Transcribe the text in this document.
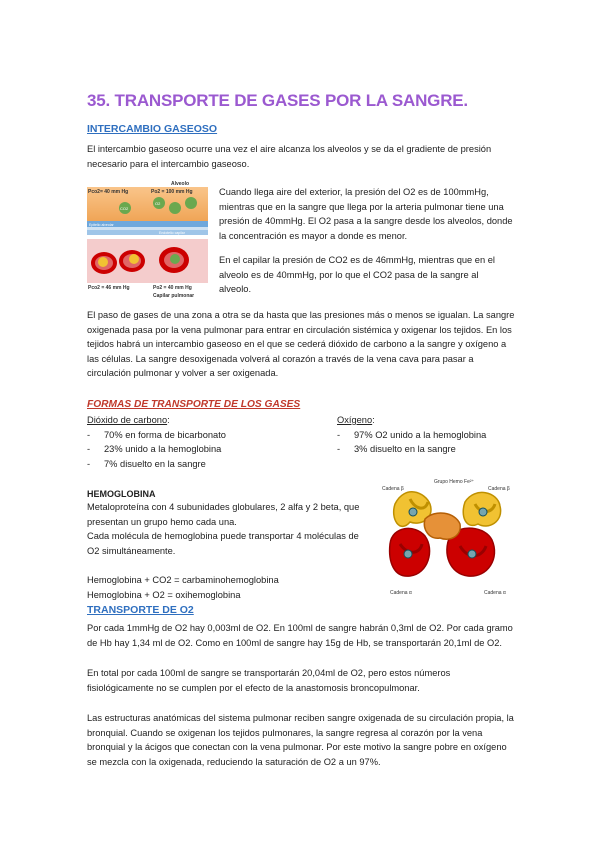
35. TRANSPORTE DE GASES POR LA SANGRE.
INTERCAMBIO GASEOSO
El intercambio gaseoso ocurre una vez el aire alcanza los alveolos y se da el gradiente de presión necesario para el intercambio gaseoso.
Alveolo
Pco2= 40 mm Hg	Po2 = 100 mm Hg
CO2
O2
Epitelio alveolar
Endotelio capilar
Pco2 = 46 mm Hg	Po2 = 40 mm Hg
Capilar pulmonar
Cuando llega aire del exterior, la presión del O2 es de 100mmHg, mientras que en la sangre que llega por la arteria pulmonar tiene una presión de 40mmHg. El O2 pasa a la sangre desde los alveolos, donde la concentración es mayor a donde es menor.
En el capilar la presión de CO2 es de 46mmHg, mientras que en el alveolo es de 40mmHg, por lo que el CO2 pasa de la sangre al alveolo.
El paso de gases de una zona a otra se da hasta que las presiones más o menos se igualan. La sangre oxigenada pasa por la vena pulmonar para entrar en circulación sistémica y oxigenar los tejidos. En los tejidos habrá un intercambio gaseoso en el que se cederá dióxido de carbono a la sangre y oxígeno a las células. La sangre desoxigenada volverá al corazón a través de la vena cava para pasar a circulación pulmonar y volver a ser oxigenada.
FORMAS DE TRANSPORTE DE LOS GASES
Dióxido de carbono:
- 70% en forma de bicarbonato
- 23% unido a la hemoglobina
- 7% disuelto en la sangre
Oxígeno:
- 97% O2 unido a la hemoglobina
- 3% disuelto en la sangre
HEMOGLOBINA
Metaloproteína con 4 subunidades globulares, 2 alfa y 2 beta, que presentan un grupo hemo cada una.
Cada molécula de hemoglobina puede transportar 4 moléculas de O2 simultáneamente.
Hemoglobina + CO2 = carbaminohemoglobina
Hemoglobina + O2 = oxihemoglobina
Grupo Hemo Fe²⁺
Cadena β	Cadena β
Cadena α	Cadena α
TRANSPORTE DE O2
Por cada 1mmHg de O2 hay 0,003ml de O2. En 100ml de sangre habrán 0,3ml de O2. Por cada gramo de Hb hay 1,34 ml de O2. Como en 100ml de sangre hay 15g de Hb, se transportarán 20,1ml de O2.
En total por cada 100ml de sangre se transportarán 20,04ml de O2, pero estos números fisiológicamente no se cumplen por el efecto de la anastomosis broncopulmonar.
Las estructuras anatómicas del sistema pulmonar reciben sangre oxigenada de su circulación propia, la bronquial. Cuando se oxigenan los tejidos pulmonares, la sangre regresa al corazón por la vena bronquial y la ácigos que conectan con la vena pulmonar. Por este motivo la sangre pobre en oxígeno se mezcla con la oxigenada, reduciendo la saturación de O2 a un 97%.
